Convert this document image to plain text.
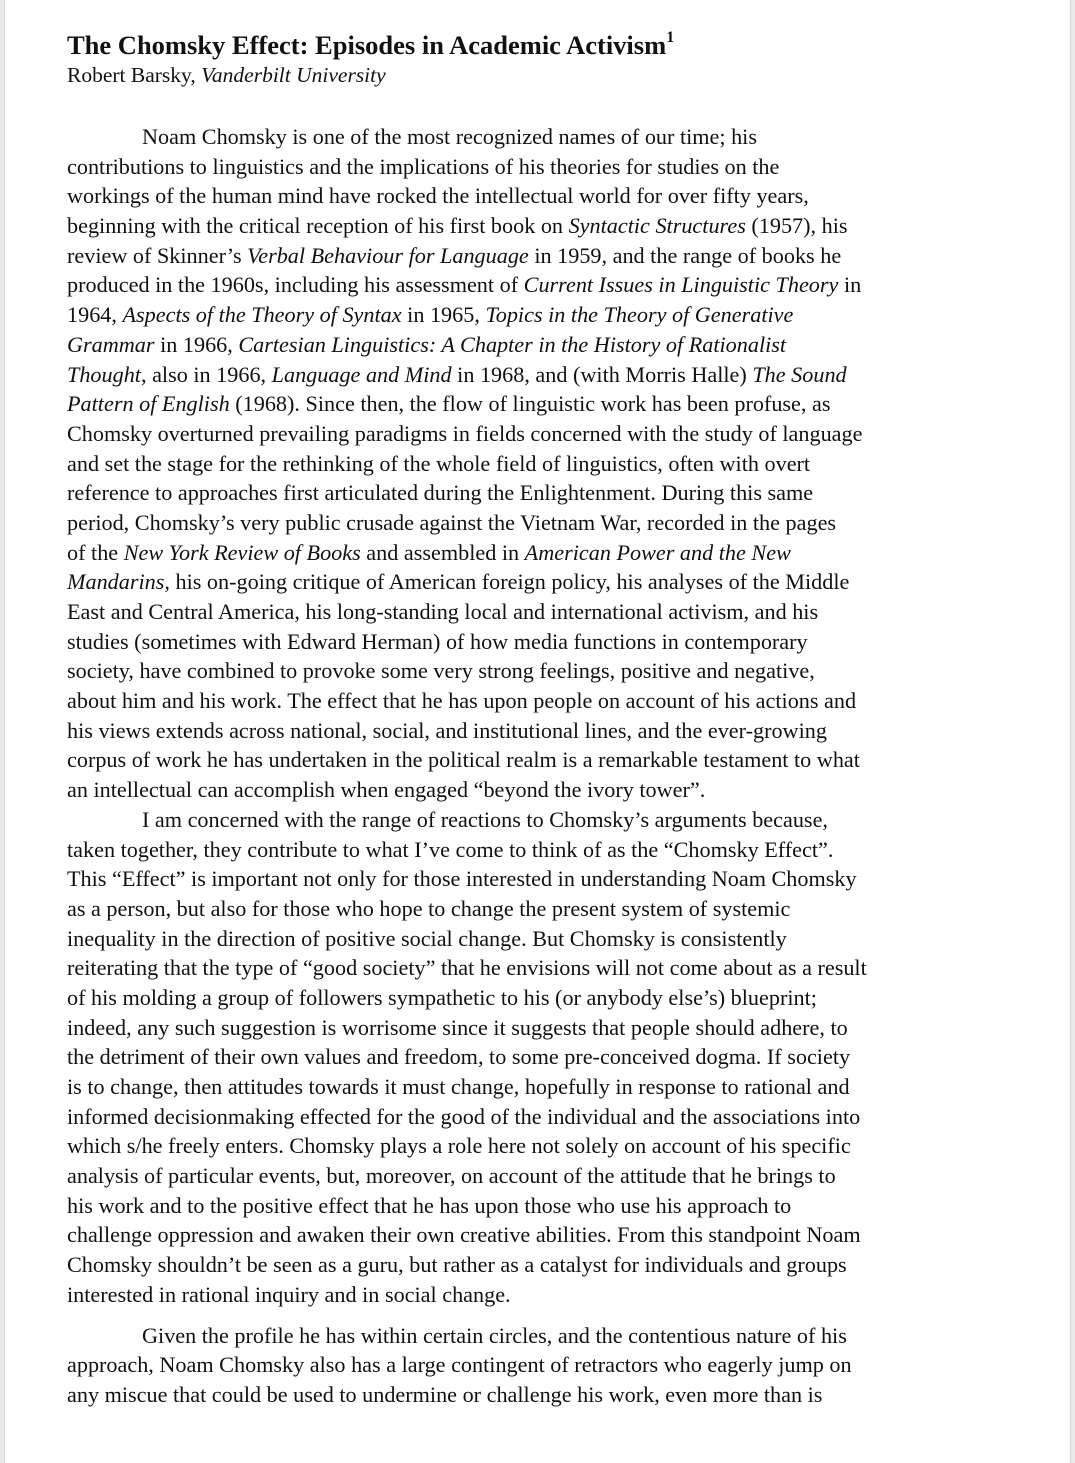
The Chomsky Effect: Episodes in Academic Activism$^1$

Robert Barsky, Vanderbilt University

Noam Chomsky is one of the most recognized names of our time; his
contributions to linguistics and the implications of his theories for studies on the
workings of the human mind have rocked the intellectual world for over fifty years,
beginning with the critical reception of his first book on Syntactic Structures (1957), his
review of Skinner’s Verbal Behaviour for Language in 1959, and the range of books he
produced in the 1960s, including his assessment of Current Issues in Linguistic Theory in
1964, Aspects of the Theory of Syntax in 1965, Topics in the Theory of Generative
Grammar in 1966, Cartesian Linguistics: A Chapter in the History of Rationalist
Thought, also in 1966, Language and Mind in 1968, and (with Morris Halle) The Sound
Pattern of English (1968). Since then, the flow of linguistic work has been profuse, as
Chomsky overturned prevailing paradigms in fields concerned with the study of language
and set the stage for the rethinking of the whole field of linguistics, often with overt
reference to approaches first articulated during the Enlightenment. During this same
period, Chomsky’s very public crusade against the Vietnam War, recorded in the pages
of the New York Review of Books and assembled in American Power and the New
Mandarins, his on-going critique of American foreign policy, his analyses of the Middle
East and Central America, his long-standing local and international activism, and his
studies (sometimes with Edward Herman) of how media functions in contemporary
society, have combined to provoke some very strong feelings, positive and negative,
about him and his work. The effect that he has upon people on account of his actions and
his views extends across national, social, and institutional lines, and the ever-growing
corpus of work he has undertaken in the political realm is a remarkable testament to what
an intellectual can accomplish when engaged “beyond the ivory tower”.
I am concerned with the range of reactions to Chomsky’s arguments because,
taken together, they contribute to what I’ve come to think of as the “Chomsky Effect”.
This “Effect” is important not only for those interested in understanding Noam Chomsky
as a person, but also for those who hope to change the present system of systemic
inequality in the direction of positive social change. But Chomsky is consistently
reiterating that the type of “good society” that he envisions will not come about as a result
of his molding a group of followers sympathetic to his (or anybody else’s) blueprint;
indeed, any such suggestion is worrisome since it suggests that people should adhere, to
the detriment of their own values and freedom, to some pre-conceived dogma. If society
is to change, then attitudes towards it must change, hopefully in response to rational and
informed decisionmaking effected for the good of the individual and the associations into
which s/he freely enters. Chomsky plays a role here not solely on account of his specific
analysis of particular events, but, moreover, on account of the attitude that he brings to
his work and to the positive effect that he has upon those who use his approach to
challenge oppression and awaken their own creative abilities. From this standpoint Noam
Chomsky shouldn’t be seen as a guru, but rather as a catalyst for individuals and groups
interested in rational inquiry and in social change.
Given the profile he has within certain circles, and the contentious nature of his
approach, Noam Chomsky also has a large contingent of retractors who eagerly jump on
any miscue that could be used to undermine or challenge his work, even more than is
